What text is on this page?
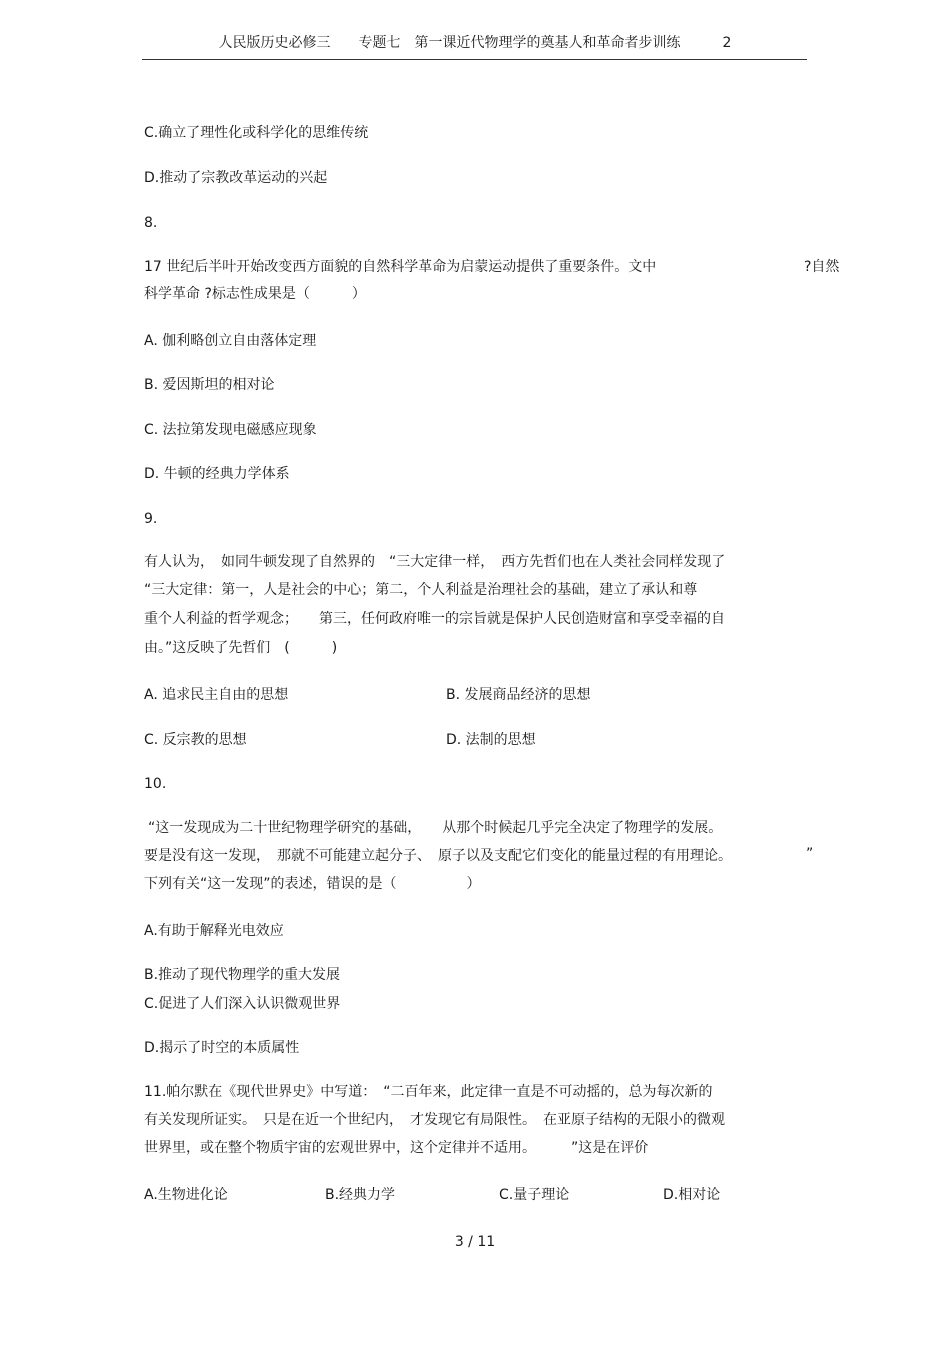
人民版历史必修三　　专题七　第一课近代物理学的奠基人和革命者步训练　　　2
C.确立了理性化或科学化的思维传统
D.推动了宗教改革运动的兴起
8.
17 世纪后半叶开始改变西方面貌的自然科学革命为启蒙运动提供了重要条件。文中	?自然
科学革命 ?标志性成果是（　　　）
A. 伽利略创立自由落体定理
B. 爱因斯坦的相对论
C. 法拉第发现电磁感应现象
D. 牛顿的经典力学体系
9.
有人认为，　如同牛顿发现了自然界的　“三大定律一样，　西方先哲们也在人类社会同样发现了
“三大定律：第一，人是社会的中心；第二，个人利益是治理社会的基础，建立了承认和尊
重个人利益的哲学观念；　　第三，任何政府唯一的宗旨就是保护人民创造财富和享受幸福的自
由。”这反映了先哲们　(　　　)
A. 追求民主自由的思想	B. 发展商品经济的思想
C. 反宗教的思想	D. 法制的思想
10.
“这一发现成为二十世纪物理学研究的基础，　　从那个时候起几乎完全决定了物理学的发展。
要是没有这一发现，　那就不可能建立起分子、　原子以及支配它们变化的能量过程的有用理论。	”
下列有关“这一发现”的表述，错误的是（　　　　　）
A.有助于解释光电效应
B.推动了现代物理学的重大发展
C.促进了人们深入认识微观世界
D.揭示了时空的本质属性
11.帕尔默在《现代世界史》中写道：　“二百年来，此定律一直是不可动摇的，总为每次新的
有关发现所证实。　只是在近一个世纪内，　才发现它有局限性。　在亚原子结构的无限小的微观
世界里，或在整个物质宇宙的宏观世界中，这个定律并不适用。　　　”这是在评价
A.生物进化论	B.经典力学	C.量子理论	D.相对论
3 / 11
